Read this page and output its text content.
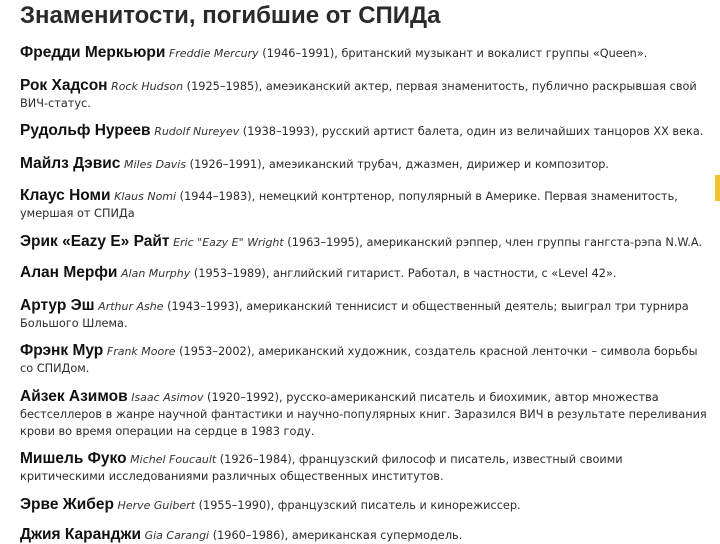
Знаменитости, погибшие от СПИДа
Фредди Меркьюри Freddie Mercury (1946–1991), британский музыкант и вокалист группы «Queen».
Рок Хадсон Rock Hudson (1925–1985), амеэиканский актер, первая знаменитость, публично раскрывшая свой ВИЧ-статус.
Рудольф Нуреев Rudolf Nureyev (1938–1993), русский артист балета, один из величайших танцоров XX века.
Майлз Дэвис Miles Davis (1926–1991), амеэиканский трубач, джазмен, дирижер и композитор.
Клаус Номи Klaus Nomi (1944–1983), немецкий контртенор, популярный в Америке. Первая знаменитость, умершая от СПИДа
Эрик «Eazy E» Райт Eric "Eazy E" Wright (1963–1995), американский рэппер, член группы гангста-рэпа N.W.A.
Алан Мерфи Alan Murphy (1953–1989), английский гитарист. Работал, в частности, с «Level 42».
Артур Эш Arthur Ashe (1943–1993), американский теннисист и общественный деятель; выиграл три турнира Большого Шлема.
Фрэнк Мур Frank Moore (1953–2002), американский художник, создатель красной ленточки – символа борьбы со СПИДом.
Айзек Азимов Isaac Asimov (1920–1992), русско-американский писатель и биохимик, автор множества бестселлеров в жанре научной фантастики и научно-популярных книг. Заразился ВИЧ в результате переливания крови во время операции на сердце в 1983 году.
Мишель Фуко Michel Foucault (1926–1984), французский философ и писатель, известный своими критическими исследованиями различных общественных институтов.
Эрве Жибер Herve Guibert (1955–1990), французский писатель и кинорежиссер.
Джия Каранджи Gia Carangi (1960–1986), американская супермодель.
